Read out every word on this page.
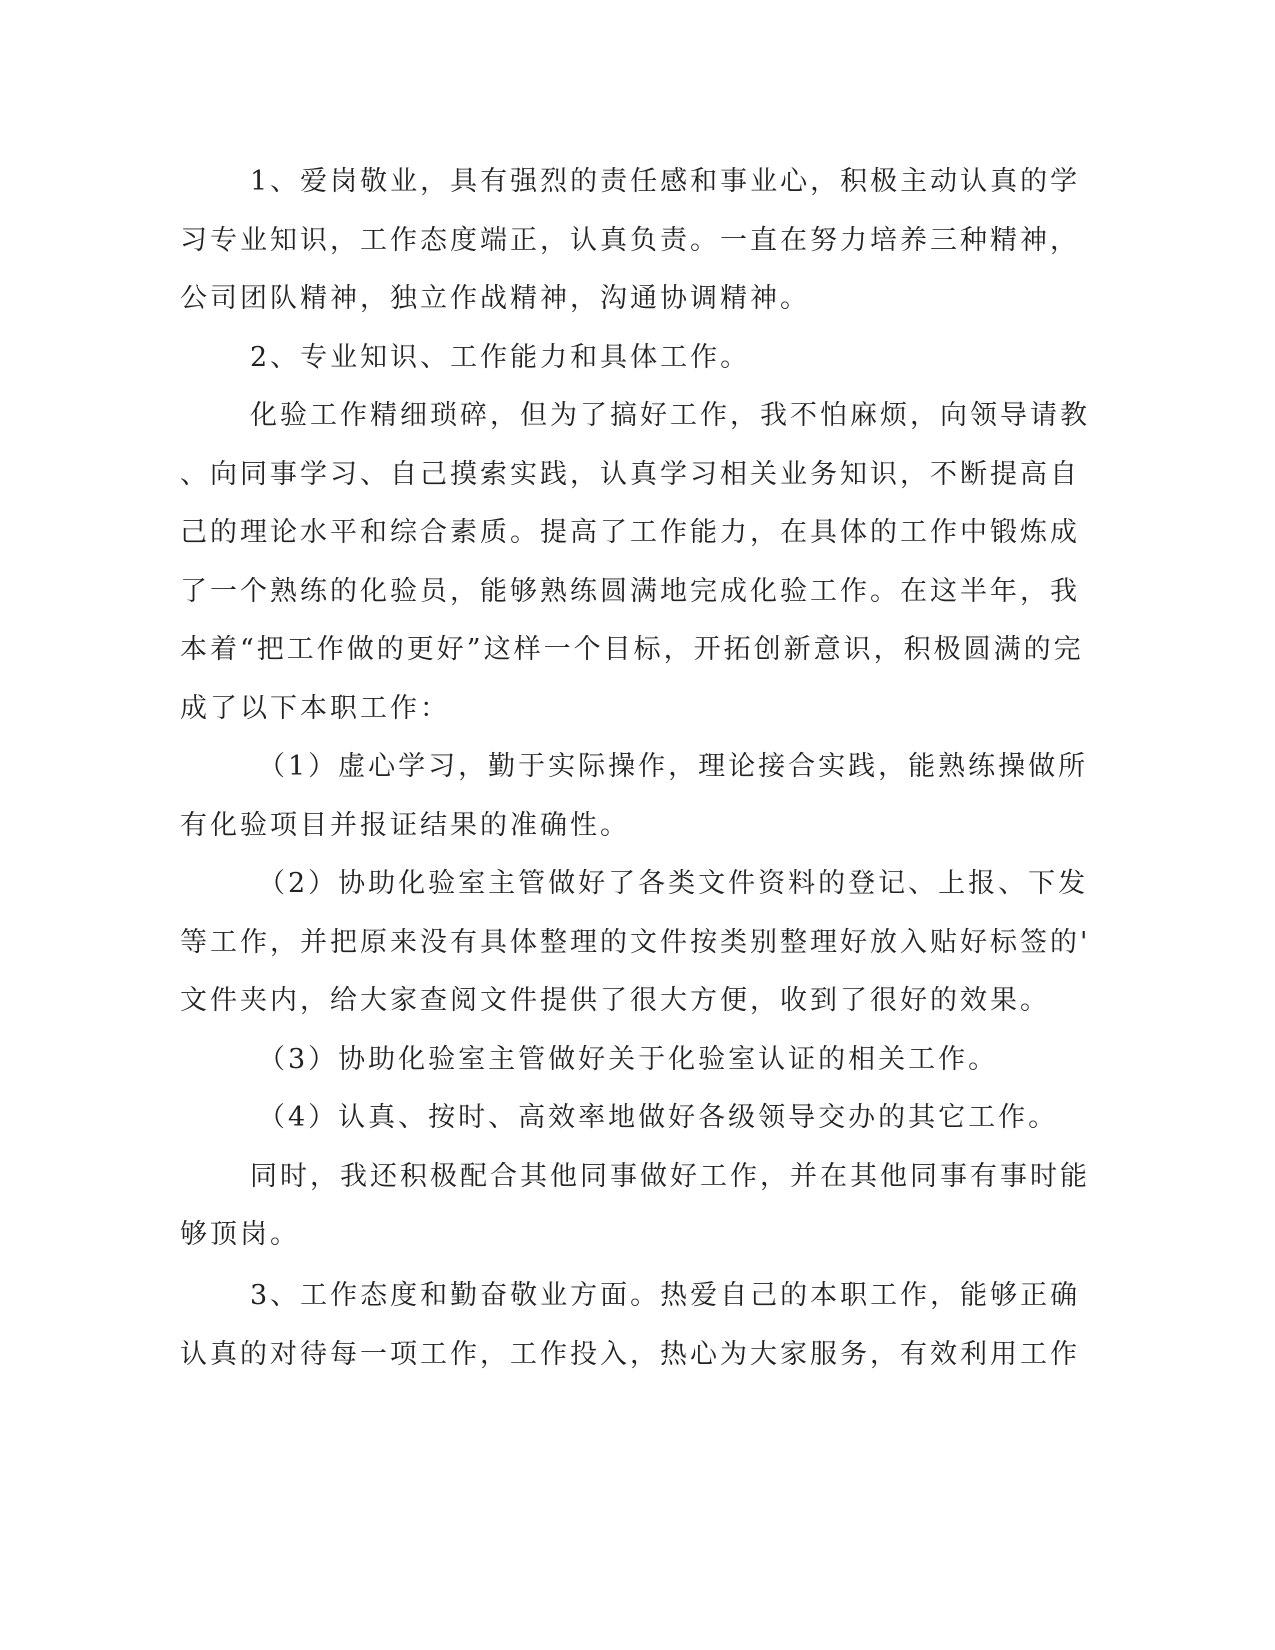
1、爱岗敬业，具有强烈的责任感和事业心，积极主动认真的学
习专业知识，工作态度端正，认真负责。一直在努力培养三种精神，
公司团队精神，独立作战精神，沟通协调精神。
2、专业知识、工作能力和具体工作。
化验工作精细琐碎，但为了搞好工作，我不怕麻烦，向领导请教
、向同事学习、自己摸索实践，认真学习相关业务知识，不断提高自
己的理论水平和综合素质。提高了工作能力，在具体的工作中锻炼成
了一个熟练的化验员，能够熟练圆满地完成化验工作。在这半年，我
本着“把工作做的更好”这样一个目标，开拓创新意识，积极圆满的完
成了以下本职工作：
（1）虚心学习，勤于实际操作，理论接合实践，能熟练操做所
有化验项目并报证结果的准确性。
（2）协助化验室主管做好了各类文件资料的登记、上报、下发
等工作，并把原来没有具体整理的文件按类别整理好放入贴好标签的'
文件夹内，给大家查阅文件提供了很大方便，收到了很好的效果。
（3）协助化验室主管做好关于化验室认证的相关工作。
（4）认真、按时、高效率地做好各级领导交办的其它工作。
同时，我还积极配合其他同事做好工作，并在其他同事有事时能
够顶岗。
3、工作态度和勤奋敬业方面。热爱自己的本职工作，能够正确
认真的对待每一项工作，工作投入，热心为大家服务，有效利用工作
